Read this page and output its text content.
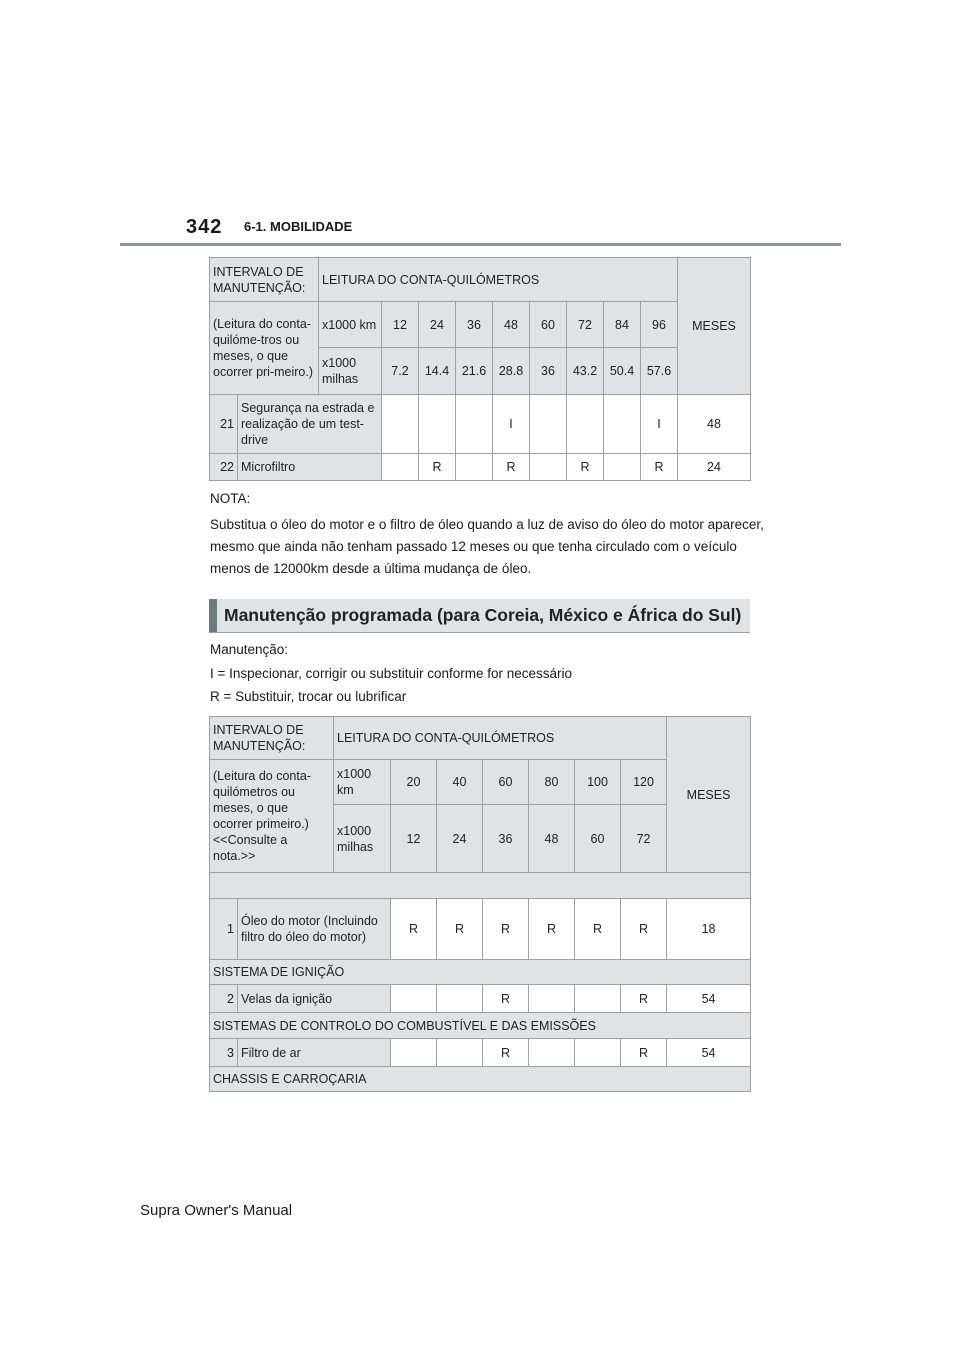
342 6-1. MOBILIDADE
INTERVALO DE MANUTENÇÃO:		LEITURA DO CONTA-QUILÓMETROS									MESES
(Leitura do conta-quilóme-tros ou meses, o que ocorrer pri-meiro.)		x1000 km	12	24	36	48	60	72	84	96	
		x1000 milhas	7.2	14.4	21.6	28.8	36	43.2	50.4	57.6	
21	Segurança na estrada e realização de um test-drive					I				I	48
22	Microfiltro			R		R		R		R	24
NOTA:

Substitua o óleo do motor e o filtro de óleo quando a luz de aviso do óleo do motor aparecer, mesmo que ainda não tenham passado 12 meses ou que tenha circulado com o veículo menos de 12000km desde a última mudança de óleo.

Manutenção programada (para Coreia, México e África do Sul)
Manutenção:
I = Inspecionar, corrigir ou substituir conforme for necessário
R = Substituir, trocar ou lubrificar
INTERVALO DE MANUTENÇÃO:		LEITURA DO CONTA-QUILÓMETROS							MESES
(Leitura do conta-quilómetros ou meses, o que ocorrer primeiro.) <<Consulte a nota.>>		x1000 km	20	40	60	80	100	120	
		x1000 milhas	12	24	36	48	60	72	

1	Óleo do motor (Incluindo filtro do óleo do motor)		R	R	R	R	R	R	18
SISTEMA DE IGNIÇÃO									
2	Velas da ignição				R			R	54
SISTEMAS DE CONTROLO DO COMBUSTÍVEL E DAS EMISSÕES									
3	Filtro de ar				R			R	54
CHASSIS E CARROÇARIA									
Supra Owner's Manual
